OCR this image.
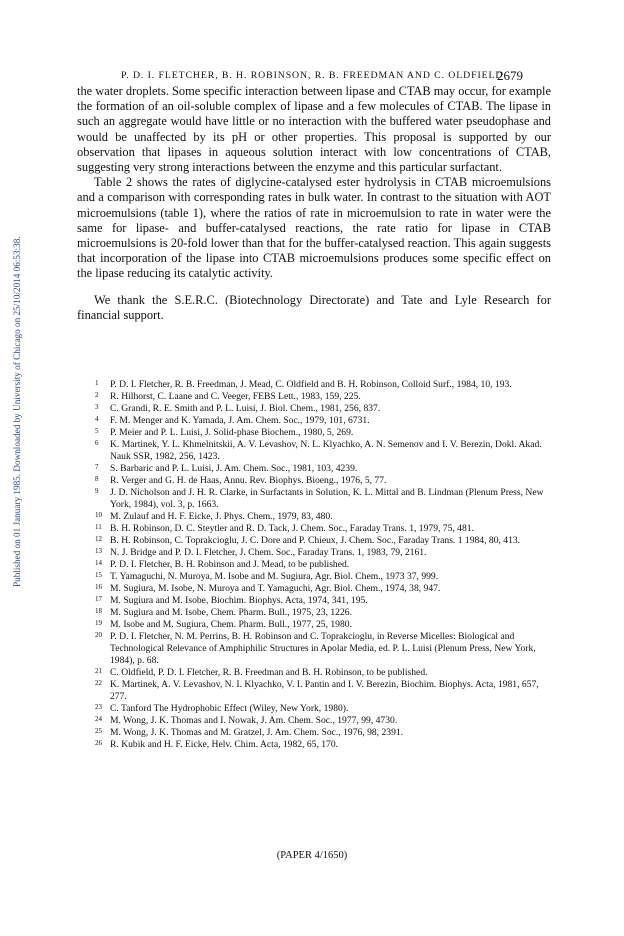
Published on 01 January 1985. Downloaded by University of Chicago on 25/10/2014 06:53:38.
P. D. I. FLETCHER, B. H. ROBINSON, R. B. FREEDMAN AND C. OLDFIELD
2679

the water droplets. Some specific interaction between lipase and CTAB may occur, for example the formation of an oil-soluble complex of lipase and a few molecules of CTAB. The lipase in such an aggregate would have little or no interaction with the buffered water pseudophase and would be unaffected by its pH or other properties. This proposal is supported by our observation that lipases in aqueous solution interact with low concentrations of CTAB, suggesting very strong interactions between the enzyme and this particular surfactant.

Table 2 shows the rates of diglycine-catalysed ester hydrolysis in CTAB microemulsions and a comparison with corresponding rates in bulk water. In contrast to the situation with AOT microemulsions (table 1), where the ratios of rate in microemulsion to rate in water were the same for lipase- and buffer-catalysed reactions, the rate ratio for lipase in CTAB microemulsions is 20-fold lower than that for the buffer-catalysed reaction. This again suggests that incorporation of the lipase into CTAB microemulsions produces some specific effect on the lipase reducing its catalytic activity.

We thank the S.E.R.C. (Biotechnology Directorate) and Tate and Lyle Research for financial support.

1 P. D. I. Fletcher, R. B. Freedman, J. Mead, C. Oldfield and B. H. Robinson, Colloid Surf., 1984, 10, 193.
2 R. Hilhorst, C. Laane and C. Veeger, FEBS Lett., 1983, 159, 225.
3 C. Grandi, R. E. Smith and P. L. Luisi, J. Biol. Chem., 1981, 256, 837.
4 F. M. Menger and K. Yamada, J. Am. Chem. Soc., 1979, 101, 6731.
5 P. Meier and P. L. Luisi, J. Solid-phase Biochem., 1980, 5, 269.
6 K. Martinek, Y. L. Khmelnitskii, A. V. Levashov, N. L. Klyachko, A. N. Semenov and I. V. Berezin, Dokl. Akad. Nauk SSR, 1982, 256, 1423.
7 S. Barbaric and P. L. Luisi, J. Am. Chem. Soc., 1981, 103, 4239.
8 R. Verger and G. H. de Haas, Annu. Rev. Biophys. Bioeng., 1976, 5, 77.
9 J. D. Nicholson and J. H. R. Clarke, in Surfactants in Solution, K. L. Mittal and B. Lindman (Plenum Press, New York, 1984), vol. 3, p. 1663.
10 M. Zulauf and H. F. Eicke, J. Phys. Chem., 1979, 83, 480.
11 B. H. Robinson, D. C. Steytler and R. D. Tack, J. Chem. Soc., Faraday Trans. 1, 1979, 75, 481.
12 B. H. Robinson, C. Toprakcioglu, J. C. Dore and P. Chieux, J. Chem. Soc., Faraday Trans. 1 1984, 80, 413.
13 N. J. Bridge and P. D. I. Fletcher, J. Chem. Soc., Faraday Trans. 1, 1983, 79, 2161.
14 P. D. I. Fletcher, B. H. Robinson and J. Mead, to be published.
15 T. Yamaguchi, N. Muroya, M. Isobe and M. Sugiura, Agr. Biol. Chem., 1973 37, 999.
16 M. Sugiura, M. Isobe, N. Muroya and T. Yamaguchi, Agr. Biol. Chem., 1974, 38, 947.
17 M. Sugiura and M. Isobe, Biochim. Biophys. Acta, 1974, 341, 195.
18 M. Sugiura and M. Isobe, Chem. Pharm. Bull., 1975, 23, 1226.
19 M. Isobe and M. Sugiura, Chem. Pharm. Bull., 1977, 25, 1980.
20 P. D. I. Fletcher, N. M. Perrins, B. H. Robinson and C. Toprakcioglu, in Reverse Micelles: Biological and Technological Relevance of Amphiphilic Structures in Apolar Media, ed. P. L. Luisi (Plenum Press, New York, 1984), p. 68.
21 C. Oldfield, P. D. I. Fletcher, R. B. Freedman and B. H. Robinson, to be published.
22 K. Martinek, A. V. Levashov, N. I. Klyachko, V. I. Pantin and I. V. Berezin, Biochim. Biophys. Acta, 1981, 657, 277.
23 C. Tanford The Hydrophobic Effect (Wiley, New York, 1980).
24 M. Wong, J. K. Thomas and I. Nowak, J. Am. Chem. Soc., 1977, 99, 4730.
25 M. Wong, J. K. Thomas and M. Gratzel, J. Am. Chem. Soc., 1976, 98, 2391.
26 R. Kubik and H. F. Eicke, Helv. Chim. Acta, 1982, 65, 170.
(PAPER 4/1650)
